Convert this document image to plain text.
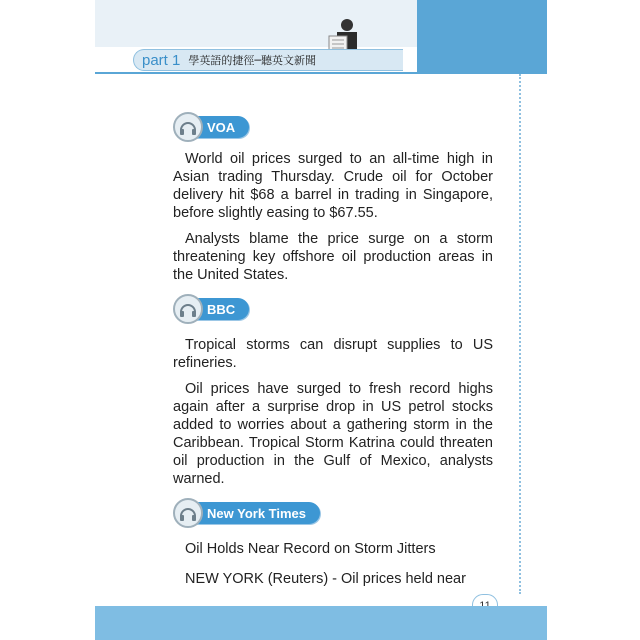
part 1 學英語的捷徑─聽英文新聞
VOA

World oil prices surged to an all-time high in Asian trading Thursday. Crude oil for October delivery hit $68 a barrel in trading in Singapore, before slightly easing to $67.55.

Analysts blame the price surge on a storm threatening key offshore oil production areas in the United States.

BBC

Tropical storms can disrupt supplies to US refineries.

Oil prices have surged to fresh record highs again after a surprise drop in US petrol stocks added to worries about a gathering storm in the Caribbean. Tropical Storm Katrina could threaten oil production in the Gulf of Mexico, analysts warned.

New York Times

Oil Holds Near Record on Storm Jitters

NEW YORK (Reuters) - Oil prices held near
